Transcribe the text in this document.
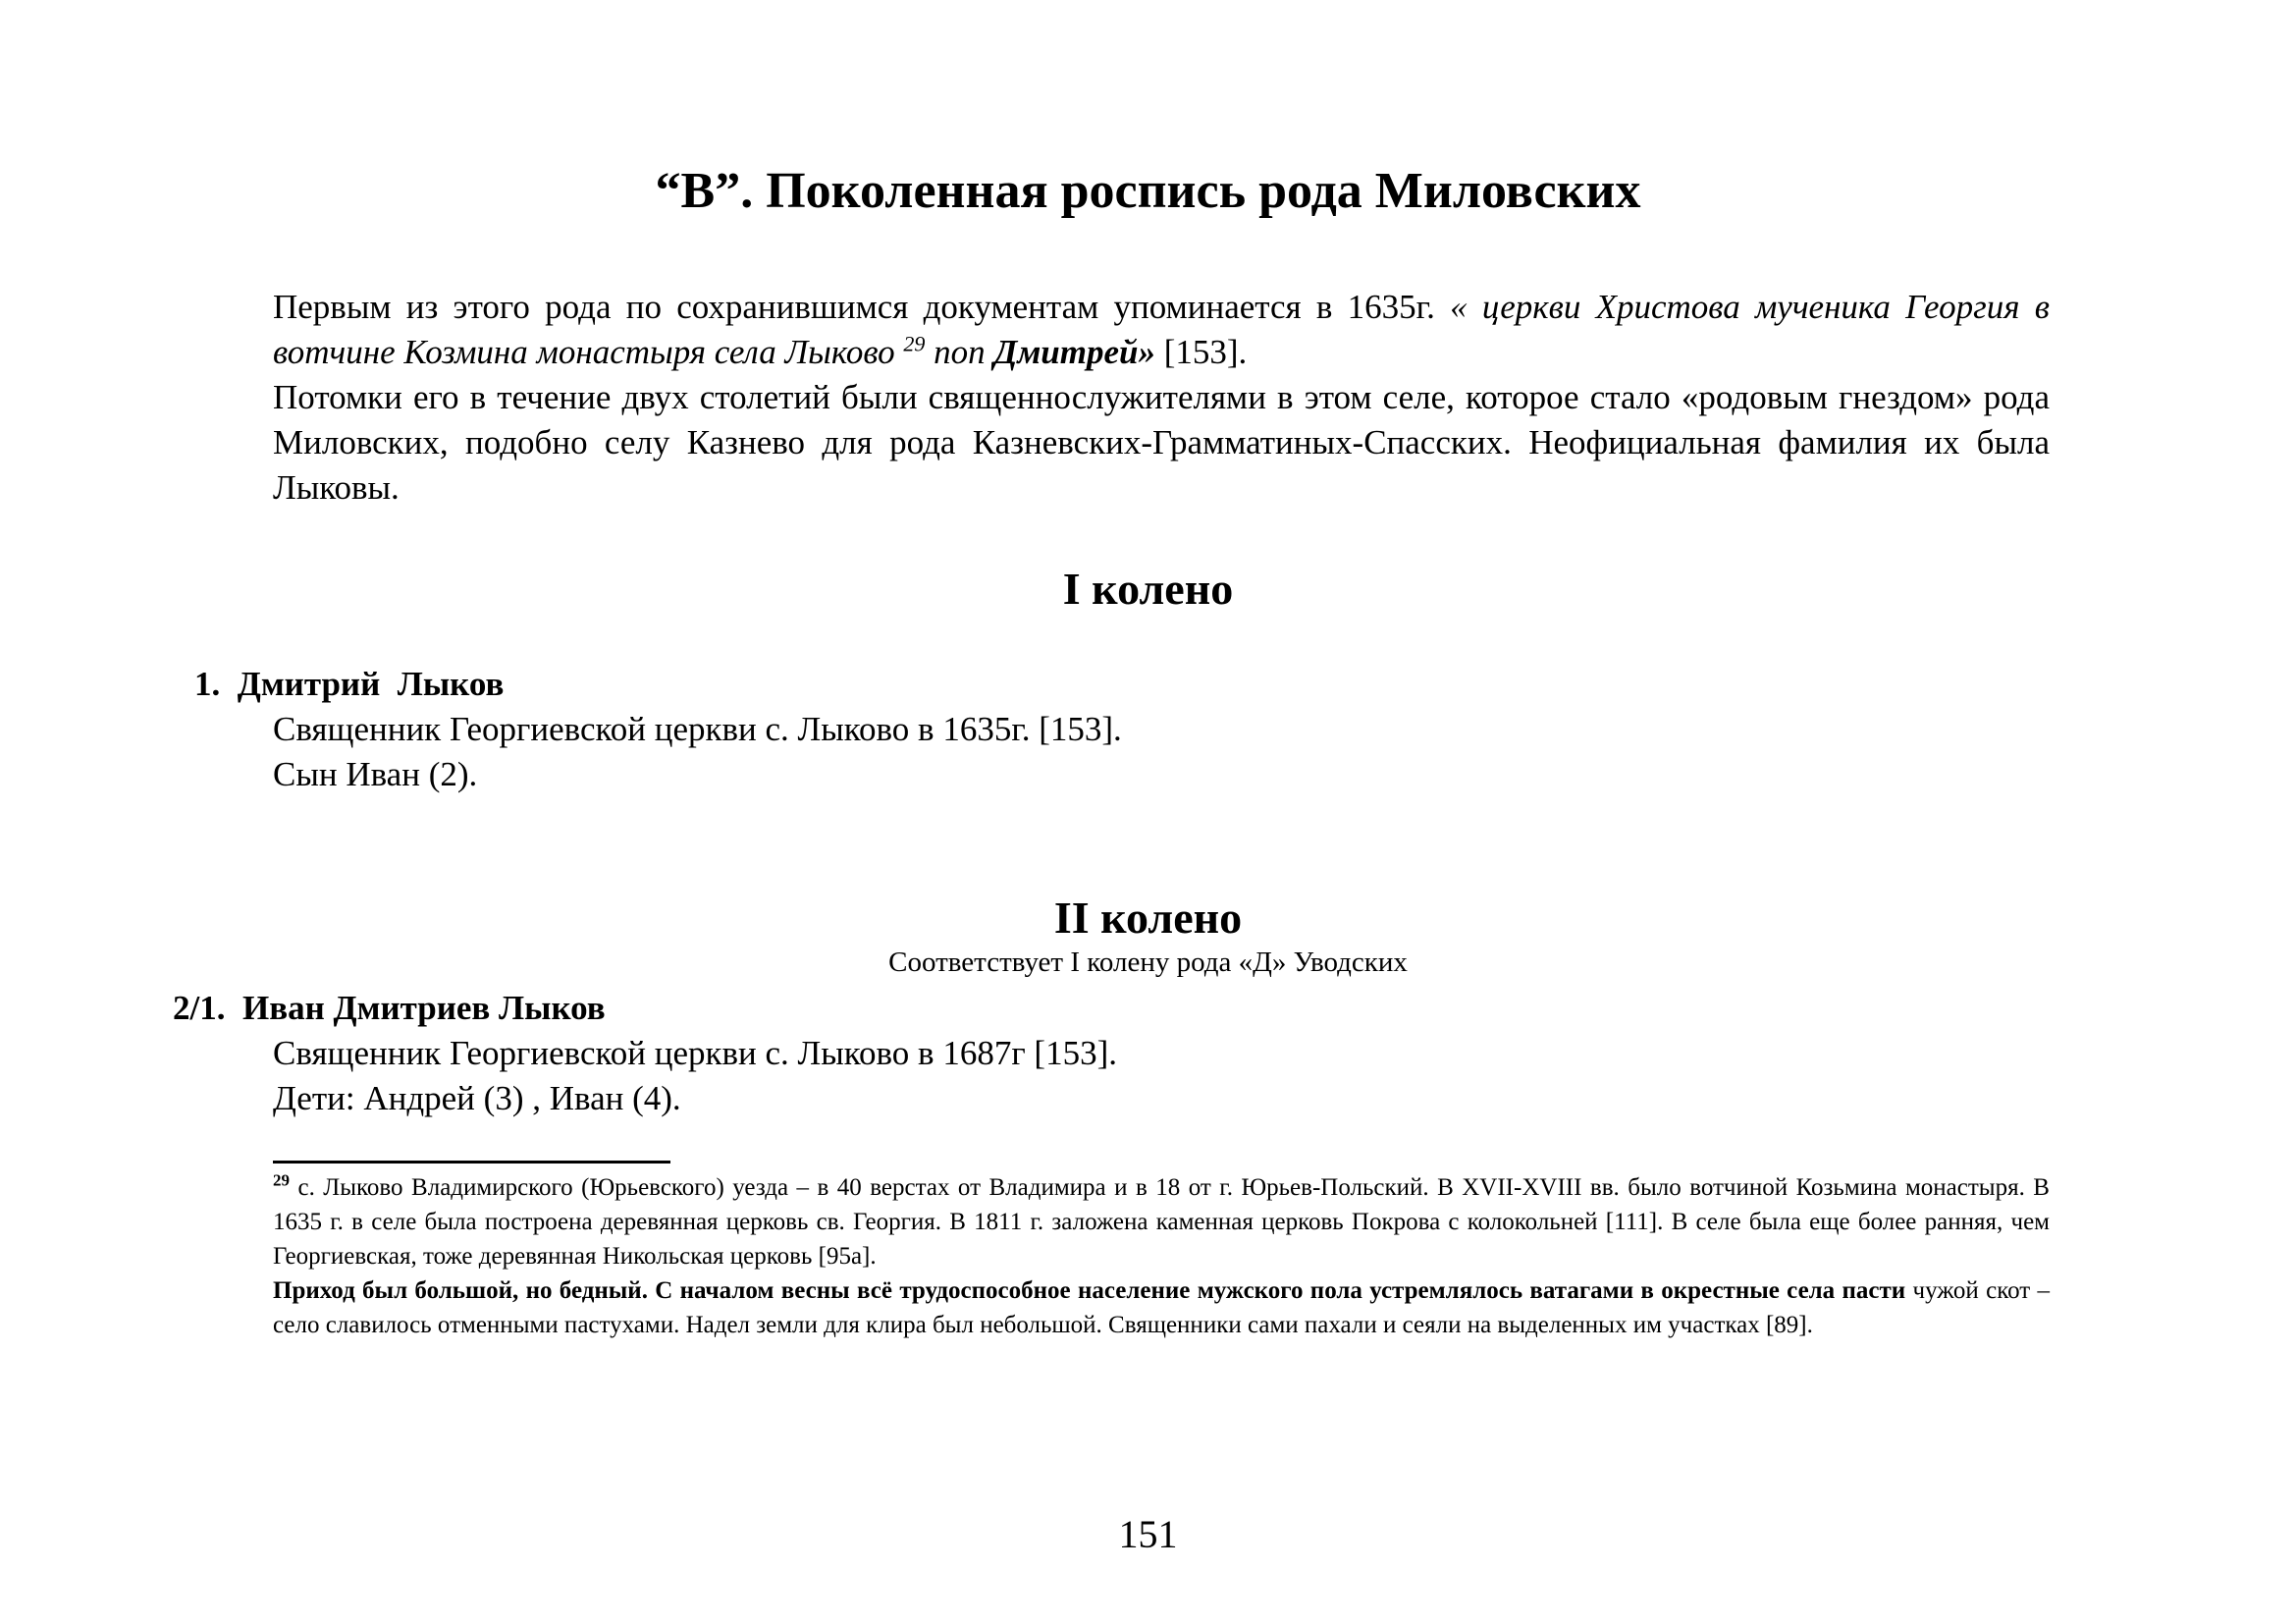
“В”. Поколенная роспись рода Миловских

Первым из этого рода по сохранившимся документам упоминается в 1635г. « церкви Христова мученика Георгия в вотчине Козмина монастыря села Лыково $^{29}$ поп Дмитрей» [153].

Потомки его в течение двух столетий были священнослужителями в этом селе, которое стало «родовым гнездом» рода Миловских, подобно селу Казнево для рода Казневских-Грамматиных-Спасских. Неофициальная фамилия их была Лыковы.

I колено
1. Дмитрий  Лыков
Священник Георгиевской церкви с. Лыково в 1635г. [153].
Сын Иван (2).
II колено
Соответствует I колену рода «Д» Уводских
2/1. Иван Дмитриев Лыков
Священник Георгиевской церкви с. Лыково в 1687г [153].
Дети: Андрей (3) , Иван (4).

$^{29}$ с. Лыково Владимирского (Юрьевского) уезда – в 40 верстах от Владимира и в 18 от г. Юрьев-Польский. В XVII-XVIII вв. было вотчиной Козьмина монастыря. В 1635 г. в селе была построена деревянная церковь св. Георгия. В 1811 г. заложена каменная церковь Покрова с колокольней [111]. В селе была еще более ранняя, чем Георгиевская, тоже деревянная Никольская церковь [95а].

Приход был большой, но бедный. С началом весны всё трудоспособное население мужского пола устремлялось ватагами в окрестные села пасти чужой скот – село славилось отменными пастухами. Надел земли для клира был небольшой. Священники сами пахали и сеяли на выделенных им участках [89].

151
